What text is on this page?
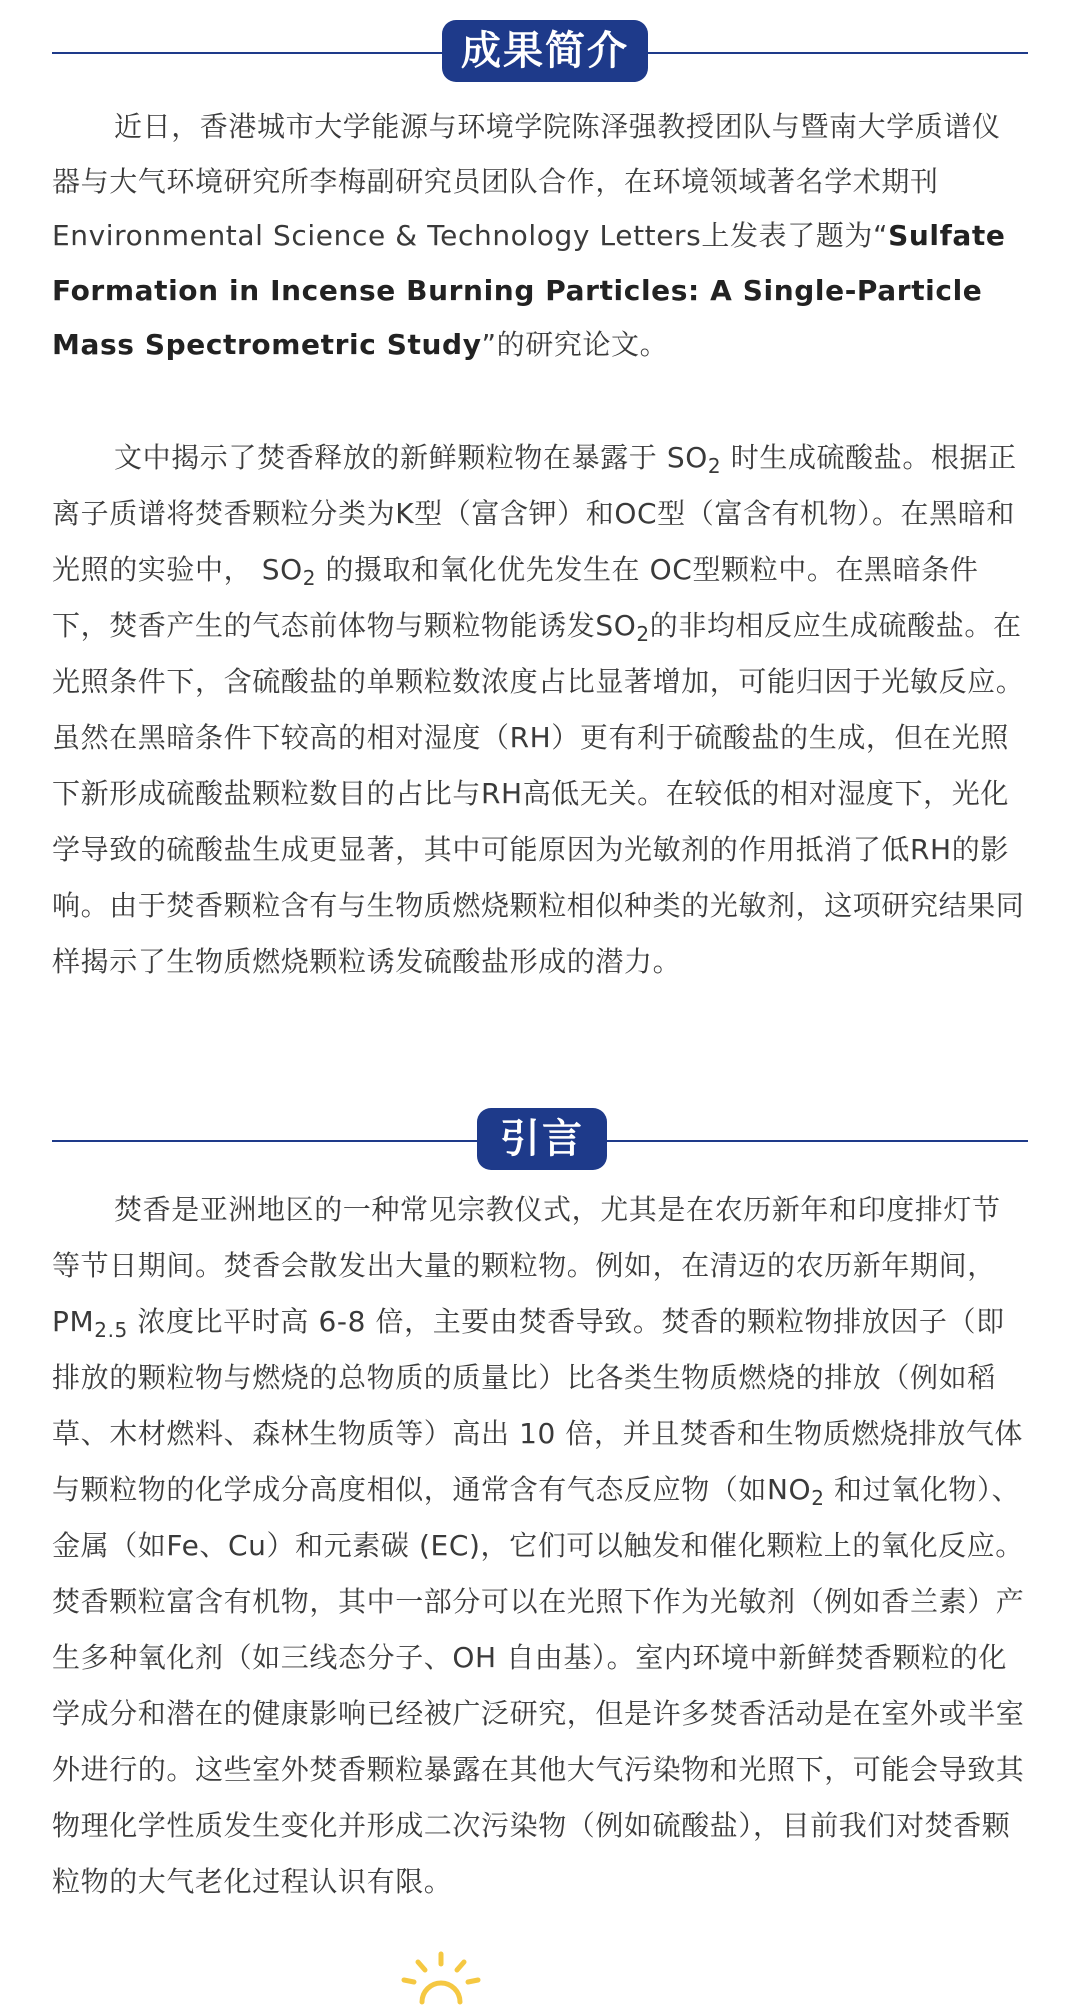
成果简介

近日，香港城市大学能源与环境学院陈泽强教授团队与暨南大学质谱仪器与大气环境研究所李梅副研究员团队合作，在环境领域著名学术期刊Environmental Science & Technology Letters上发表了题为“Sulfate Formation in Incense Burning Particles: A Single-Particle Mass Spectrometric Study”的研究论文。

文中揭示了焚香释放的新鲜颗粒物在暴露于 $SO_2$ 时生成硫酸盐。根据正离子质谱将焚香颗粒分类为K型（富含钾）和OC型（富含有机物）。在黑暗和光照的实验中， $SO_2$ 的摄取和氧化优先发生在 OC型颗粒中。在黑暗条件下，焚香产生的气态前体物与颗粒物能诱发$SO_2$的非均相反应生成硫酸盐。在光照条件下，含硫酸盐的单颗粒数浓度占比显著增加，可能归因于光敏反应。虽然在黑暗条件下较高的相对湿度（RH）更有利于硫酸盐的生成，但在光照下新形成硫酸盐颗粒数目的占比与RH高低无关。在较低的相对湿度下，光化学导致的硫酸盐生成更显著，其中可能原因为光敏剂的作用抵消了低RH的影响。由于焚香颗粒含有与生物质燃烧颗粒相似种类的光敏剂，这项研究结果同样揭示了生物质燃烧颗粒诱发硫酸盐形成的潜力。

引言

焚香是亚洲地区的一种常见宗教仪式，尤其是在农历新年和印度排灯节等节日期间。焚香会散发出大量的颗粒物。例如，在清迈的农历新年期间，$PM_{2.5}$ 浓度比平时高 6-8 倍，主要由焚香导致。焚香的颗粒物排放因子（即排放的颗粒物与燃烧的总物质的质量比）比各类生物质燃烧的排放（例如稻草、木材燃料、森林生物质等）高出 10 倍，并且焚香和生物质燃烧排放气体与颗粒物的化学成分高度相似，通常含有气态反应物（如$NO_2$ 和过氧化物）、金属（如Fe、Cu）和元素碳 (EC)，它们可以触发和催化颗粒上的氧化反应。焚香颗粒富含有机物，其中一部分可以在光照下作为光敏剂（例如香兰素）产生多种氧化剂（如三线态分子、OH 自由基）。室内环境中新鲜焚香颗粒的化学成分和潜在的健康影响已经被广泛研究，但是许多焚香活动是在室外或半室外进行的。这些室外焚香颗粒暴露在其他大气污染物和光照下，可能会导致其物理化学性质发生变化并形成二次污染物（例如硫酸盐），目前我们对焚香颗粒物的大气老化过程认识有限。
